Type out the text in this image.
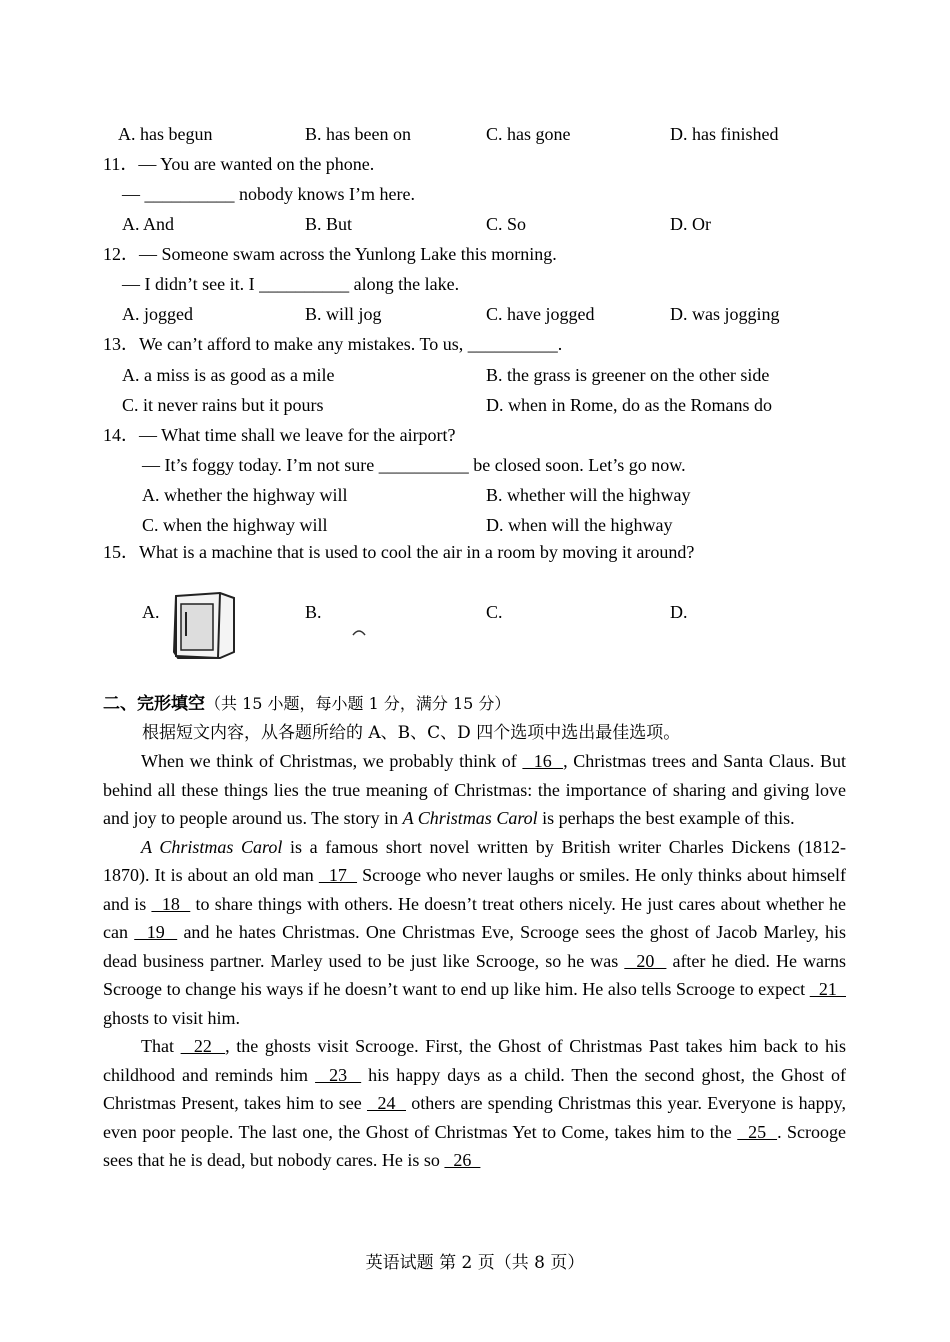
A. has begun	B. has been on	C. has gone	D. has finished
11．— You are wanted on the phone.
— __________ nobody knows I’m here.
A. And	B. But	C. So	D. Or
12．— Someone swam across the Yunlong Lake this morning.
— I didn’t see it. I __________ along the lake.
A. jogged	B. will jog	C. have jogged	D. was jogging
13．We can’t afford to make any mistakes. To us, __________.
A. a miss is as good as a mile	B. the grass is greener on the other side
C. it never rains but it pours	D. when in Rome, do as the Romans do
14．— What time shall we leave for the airport?
— It’s foggy today. I’m not sure __________ be closed soon. Let’s go now.
A. whether the highway will	B. whether will the highway
C. when the highway will	D. when will the highway
15．What is a machine that is used to cool the air in a room by moving it around?
A.	B.	C.	D.
二、完形填空（共 15 小题，每小题 1 分，满分 15 分）
根据短文内容，从各题所给的 A、B、C、D 四个选项中选出最佳选项。

When we think of Christmas, we probably think of   16  , Christmas trees and Santa Claus. But behind all these things lies the true meaning of Christmas: the importance of sharing and giving love and joy to people around us. The story in A Christmas Carol is perhaps the best example of this.

A Christmas Carol is a famous short novel written by British writer Charles Dickens (1812-1870). It is about an old man   17   Scrooge who never laughs or smiles. He only thinks about himself and is   18   to share things with others. He doesn’t treat others nicely. He just cares about whether he can   19   and he hates Christmas. One Christmas Eve, Scrooge sees the ghost of Jacob Marley, his dead business partner. Marley used to be just like Scrooge, so he was   20   after he died. He warns Scrooge to change his ways if he doesn’t want to end up like him. He also tells Scrooge to expect   21   ghosts to visit him.

That   22  , the ghosts visit Scrooge. First, the Ghost of Christmas Past takes him back to his childhood and reminds him   23   his happy days as a child. Then the second ghost, the Ghost of Christmas Present, takes him to see   24   others are spending Christmas this year. Everyone is happy, even poor people. The last one, the Ghost of Christmas Yet to Come, takes him to the   25  . Scrooge sees that he is dead, but nobody cares. He is so   26

英语试题 第 2 页（共 8 页）
